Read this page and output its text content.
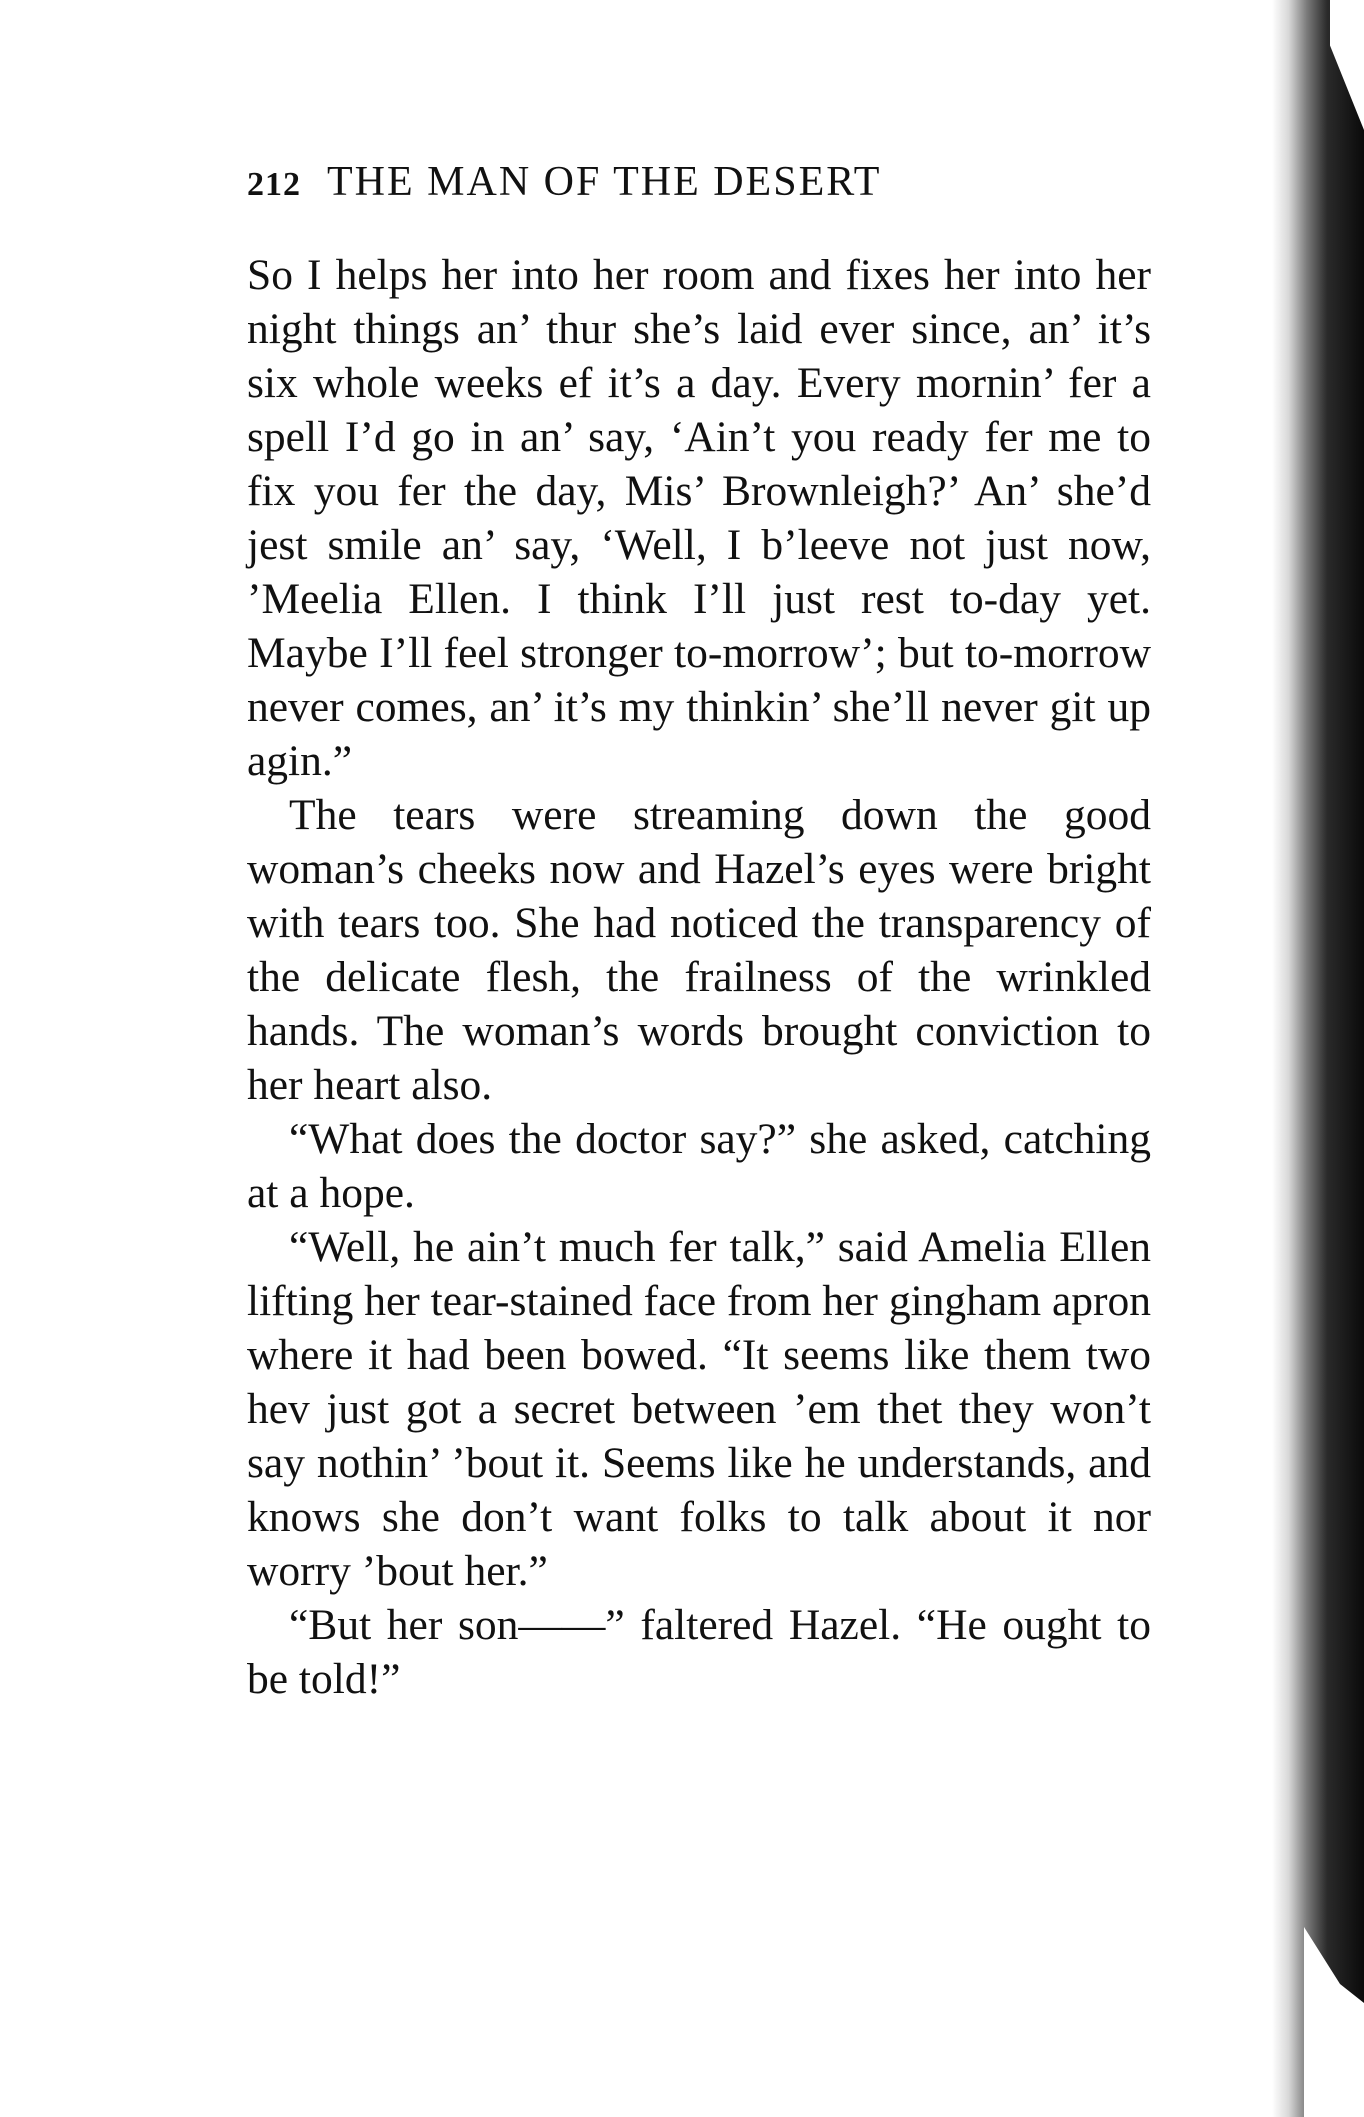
212 THE MAN OF THE DESERT

So I helps her into her room and fixes her into her night things an’ thur she’s laid ever since, an’ it’s six whole weeks ef it’s a day. Every mornin’ fer a spell I’d go in an’ say, ‘Ain’t you ready fer me to fix you fer the day, Mis’ Brownleigh?’ An’ she’d jest smile an’ say, ‘Well, I b’leeve not just now, ’Meelia Ellen. I think I’ll just rest to-day yet. Maybe I’ll feel stronger to-morrow’; but to-morrow never comes, an’ it’s my thinkin’ she’ll never git up agin.”

The tears were streaming down the good woman’s cheeks now and Hazel’s eyes were bright with tears too. She had noticed the transparency of the delicate flesh, the frailness of the wrinkled hands. The woman’s words brought conviction to her heart also.

“What does the doctor say?” she asked, catching at a hope.

“Well, he ain’t much fer talk,” said Amelia Ellen lifting her tear-stained face from her gingham apron where it had been bowed. “It seems like them two hev just got a secret between ’em thet they won’t say nothin’ ’bout it. Seems like he understands, and knows she don’t want folks to talk about it nor worry ’bout her.”

“But her son——” faltered Hazel. “He ought to be told!”
